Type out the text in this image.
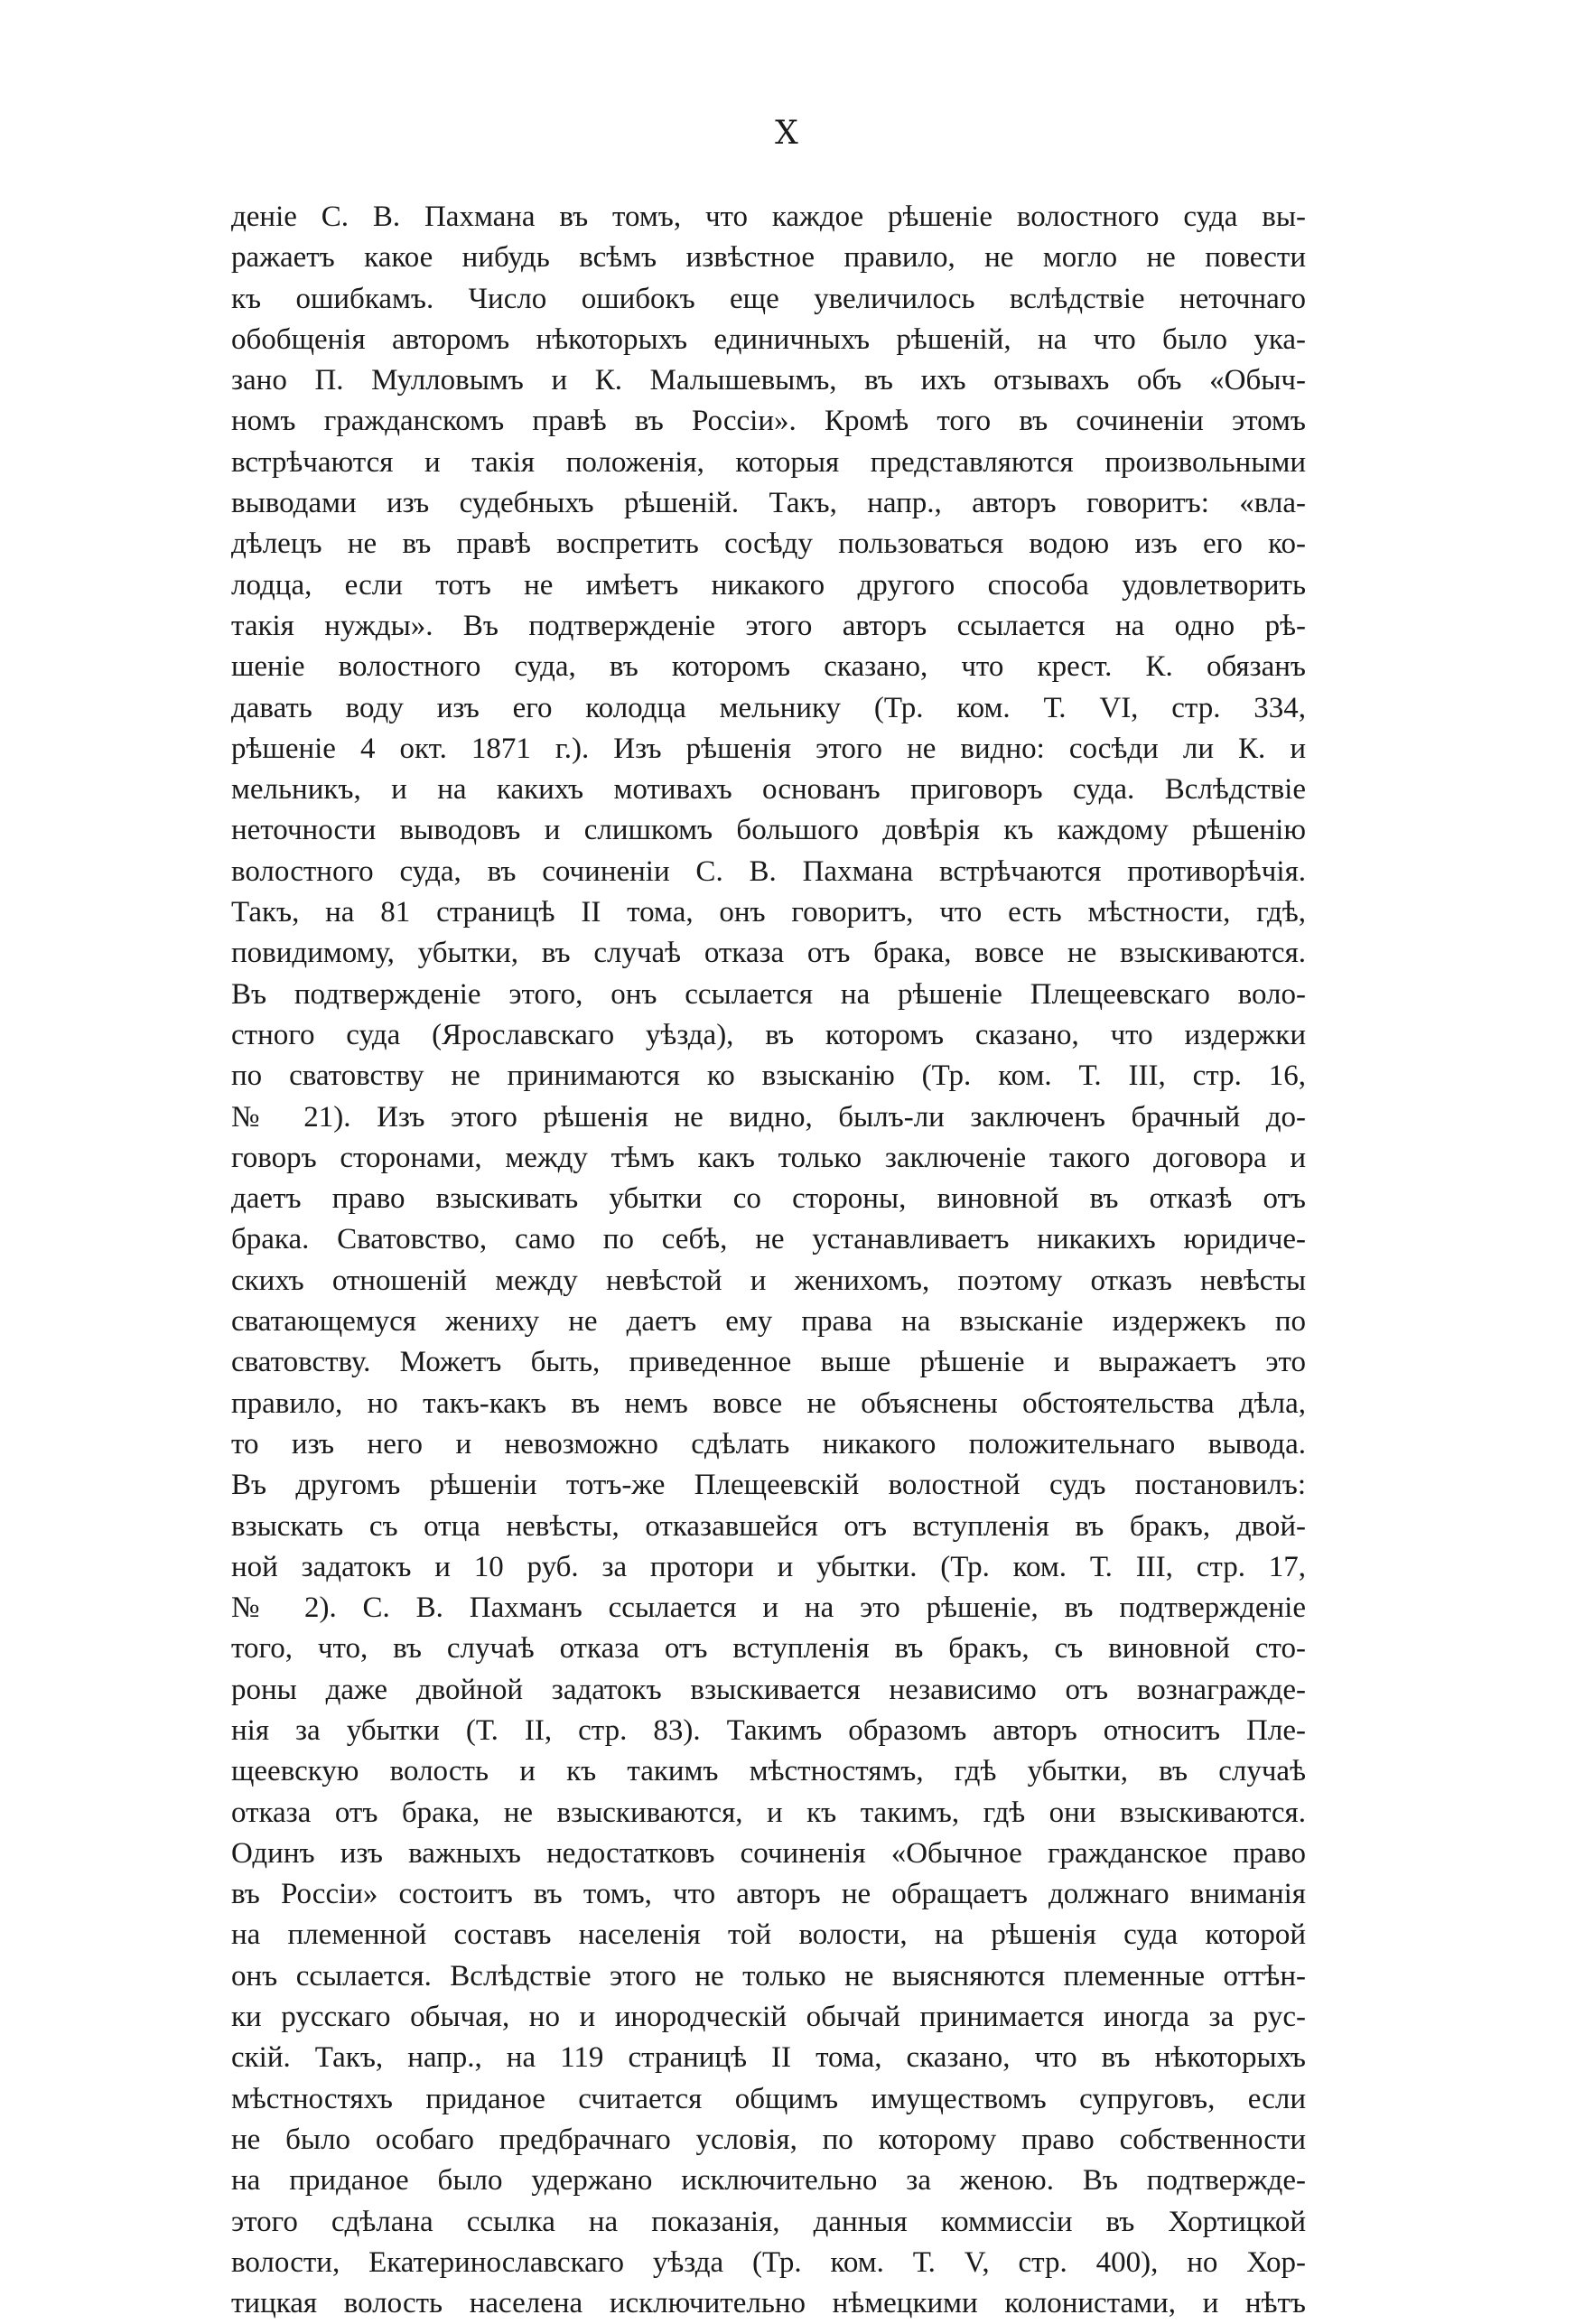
X
деніе С. В. Пахмана въ томъ, что каждое рѣшеніе волостного суда вы-
ражаетъ какое нибудь всѣмъ извѣстное правило, не могло не повести
къ ошибкамъ. Число ошибокъ еще увеличилось вслѣдствіе неточнаго
обобщенія авторомъ нѣкоторыхъ единичныхъ рѣшеній, на что было ука-
зано П. Мулловымъ и К. Малышевымъ, въ ихъ отзывахъ объ «Обыч-
номъ гражданскомъ правѣ въ Россіи». Кромѣ того въ сочиненіи этомъ
встрѣчаются и такія положенія, которыя представляются произвольными
выводами изъ судебныхъ рѣшеній. Такъ, напр., авторъ говоритъ: «вла-
дѣлецъ не въ правѣ воспретить сосѣду пользоваться водою изъ его ко-
лодца, если тотъ не имѣетъ никакого другого способа удовлетворить
такія нужды». Въ подтвержденіе этого авторъ ссылается на одно рѣ-
шеніе волостного суда, въ которомъ сказано, что крест. К. обязанъ
давать воду изъ его колодца мельнику (Тр. ком. Т. VI, стр. 334,
рѣшеніе 4 окт. 1871 г.). Изъ рѣшенія этого не видно: сосѣди ли К. и
мельникъ, и на какихъ мотивахъ основанъ приговоръ суда. Вслѣдствіе
неточности выводовъ и слишкомъ большого довѣрія къ каждому рѣшенію
волостного суда, въ сочиненіи С. В. Пахмана встрѣчаются противорѣчія.
Такъ, на 81 страницѣ II тома, онъ говоритъ, что есть мѣстности, гдѣ,
повидимому, убытки, въ случаѣ отказа отъ брака, вовсе не взыскиваются.
Въ подтвержденіе этого, онъ ссылается на рѣшеніе Плещеевскаго воло-
стного суда (Ярославскаго уѣзда), въ которомъ сказано, что издержки
по сватовству не принимаются ко взысканію (Тр. ком. Т. III, стр. 16,
№ 21). Изъ этого рѣшенія не видно, былъ-ли заключенъ брачный до-
говоръ сторонами, между тѣмъ какъ только заключеніе такого договора и
даетъ право взыскивать убытки со стороны, виновной въ отказѣ отъ
брака. Сватовство, само по себѣ, не устанавливаетъ никакихъ юридиче-
скихъ отношеній между невѣстой и женихомъ, поэтому отказъ невѣсты
сватающемуся жениху не даетъ ему права на взысканіе издержекъ по
сватовству. Можетъ быть, приведенное выше рѣшеніе и выражаетъ это
правило, но такъ-какъ въ немъ вовсе не объяснены обстоятельства дѣла,
то изъ него и невозможно сдѣлать никакого положительнаго вывода.
Въ другомъ рѣшеніи тотъ-же Плещеевскій волостной судъ постановилъ:
взыскать съ отца невѣсты, отказавшейся отъ вступленія въ бракъ, двой-
ной задатокъ и 10 руб. за протори и убытки. (Тр. ком. Т. III, стр. 17,
№ 2). С. В. Пахманъ ссылается и на это рѣшеніе, въ подтвержденіе
того, что, въ случаѣ отказа отъ вступленія въ бракъ, съ виновной сто-
роны даже двойной задатокъ взыскивается независимо отъ вознагражде-
нія за убытки (Т. II, стр. 83). Такимъ образомъ авторъ относитъ Пле-
щеевскую волость и къ такимъ мѣстностямъ, гдѣ убытки, въ случаѣ
отказа отъ брака, не взыскиваются, и къ такимъ, гдѣ они взыскиваются.
Одинъ изъ важныхъ недостатковъ сочиненія «Обычное гражданское право
въ Россіи» состоитъ въ томъ, что авторъ не обращаетъ должнаго вниманія
на племенной составъ населенія той волости, на рѣшенія суда которой
онъ ссылается. Вслѣдствіе этого не только не выясняются племенные оттѣн-
ки русскаго обычая, но и инородческій обычай принимается иногда за рус-
скій. Такъ, напр., на 119 страницѣ II тома, сказано, что въ нѣкоторыхъ
мѣстностяхъ приданое считается общимъ имуществомъ супруговъ, если
не было особаго предбрачнаго условія, по которому право собственности
на приданое было удержано исключительно за женою. Въ подтвержде-
этого сдѣлана ссылка на показанія, данныя коммиссіи въ Хортицкой
волости, Екатеринославскаго уѣзда (Тр. ком. Т. V, стр. 400), но Хор-
тицкая волость населена исключительно нѣмецкими колонистами, и нѣтъ
